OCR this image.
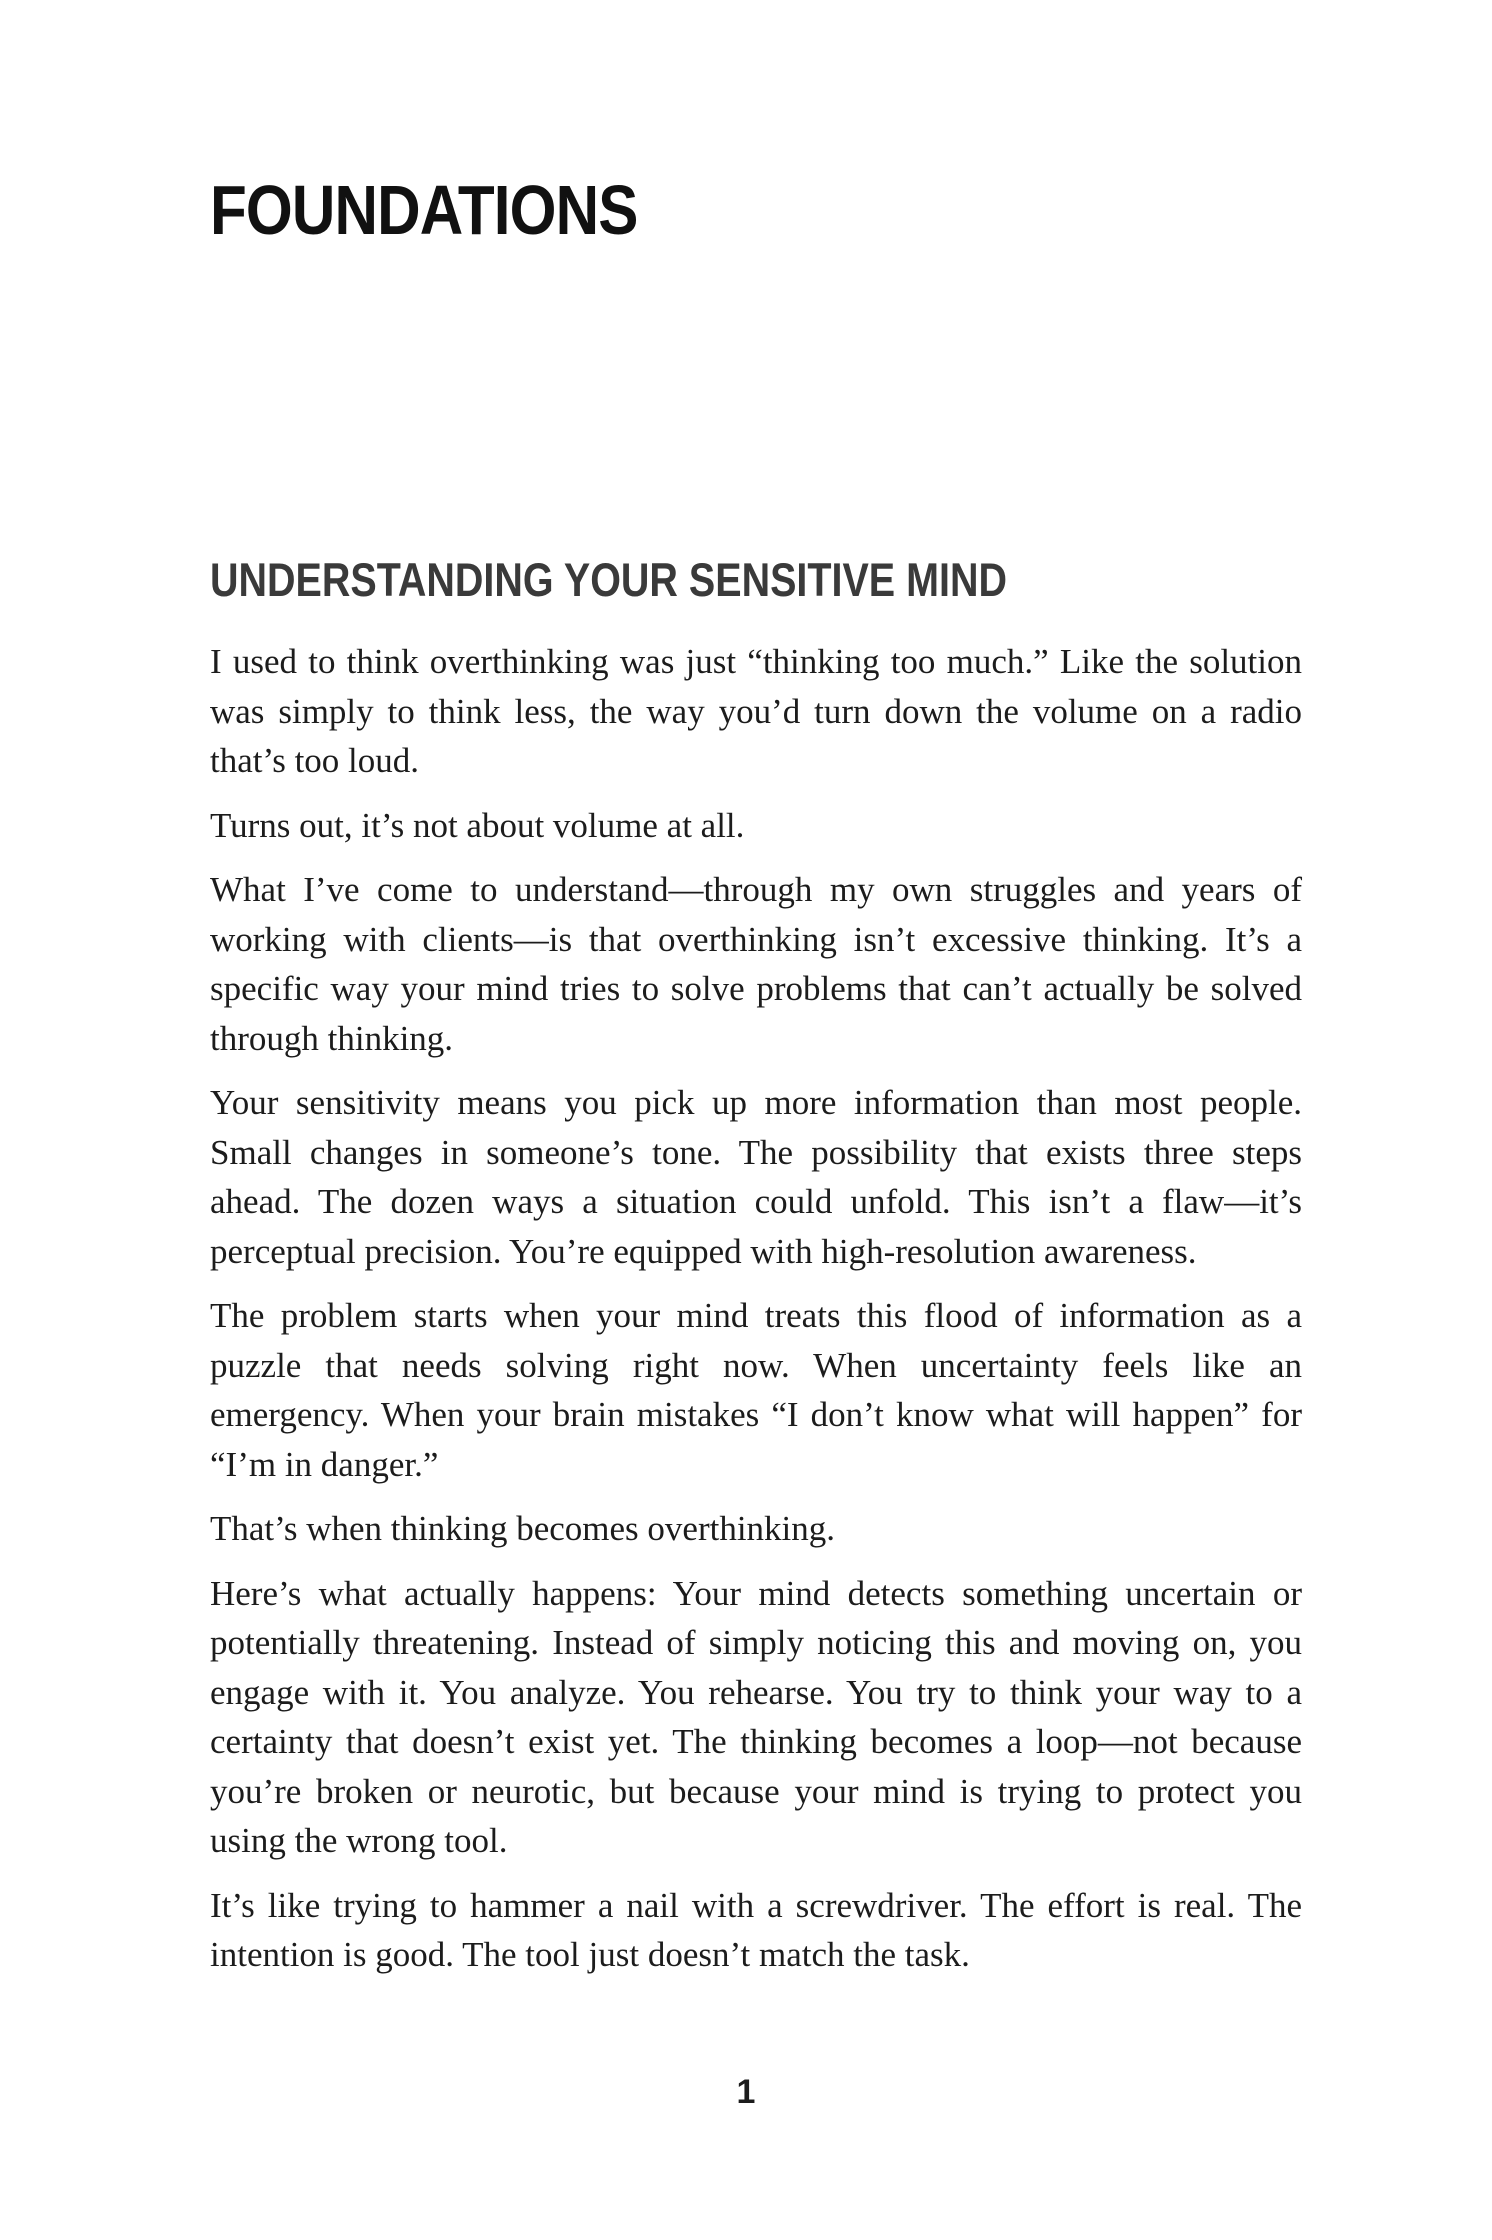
FOUNDATIONS
UNDERSTANDING YOUR SENSITIVE MIND

I used to think overthinking was just “thinking too much.” Like the solution was simply to think less, the way you’d turn down the volume on a radio that’s too loud.

Turns out, it’s not about volume at all.

What I’ve come to understand—through my own struggles and years of working with clients—is that overthinking isn’t excessive thinking. It’s a specific way your mind tries to solve problems that can’t actually be solved through thinking.

Your sensitivity means you pick up more information than most people. Small changes in someone’s tone. The possibility that exists three steps ahead. The dozen ways a situation could unfold. This isn’t a flaw—it’s perceptual precision. You’re equipped with high-resolution awareness.

The problem starts when your mind treats this flood of information as a puzzle that needs solving right now. When uncertainty feels like an emergency. When your brain mistakes “I don’t know what will happen” for “I’m in danger.”

That’s when thinking becomes overthinking.

Here’s what actually happens: Your mind detects something uncertain or potentially threatening. Instead of simply noticing this and moving on, you engage with it. You analyze. You rehearse. You try to think your way to a certainty that doesn’t exist yet. The thinking becomes a loop—not because you’re broken or neurotic, but because your mind is trying to protect you using the wrong tool.

It’s like trying to hammer a nail with a screwdriver. The effort is real. The intention is good. The tool just doesn’t match the task.

1
